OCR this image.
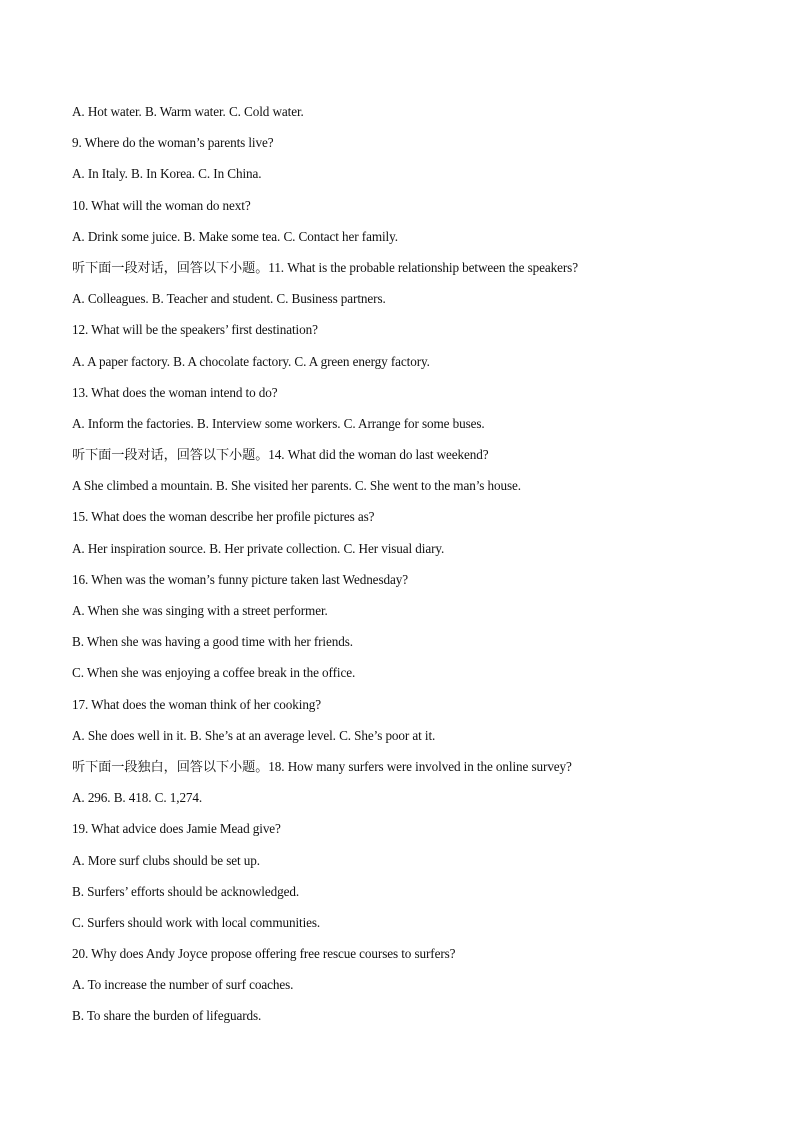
A. Hot water. B. Warm water. C. Cold water.
9. Where do the woman’s parents live?
A. In Italy. B. In Korea. C. In China.
10. What will the woman do next?
A. Drink some juice. B. Make some tea. C. Contact her family.
听下面一段对话，回答以下小题。11. What is the probable relationship between the speakers?
A. Colleagues. B. Teacher and student. C. Business partners.
12. What will be the speakers’ first destination?
A. A paper factory. B. A chocolate factory. C. A green energy factory.
13. What does the woman intend to do?
A. Inform the factories. B. Interview some workers. C. Arrange for some buses.
听下面一段对话，回答以下小题。14. What did the woman do last weekend?
A She climbed a mountain. B. She visited her parents. C. She went to the man’s house.
15. What does the woman describe her profile pictures as?
A. Her inspiration source. B. Her private collection. C. Her visual diary.
16. When was the woman’s funny picture taken last Wednesday?
A. When she was singing with a street performer.
B. When she was having a good time with her friends.
C. When she was enjoying a coffee break in the office.
17. What does the woman think of her cooking?
A. She does well in it. B. She’s at an average level. C. She’s poor at it.
听下面一段独白，回答以下小题。18. How many surfers were involved in the online survey?
A. 296. B. 418. C. 1,274.
19. What advice does Jamie Mead give?
A. More surf clubs should be set up.
B. Surfers’ efforts should be acknowledged.
C. Surfers should work with local communities.
20. Why does Andy Joyce propose offering free rescue courses to surfers?
A. To increase the number of surf coaches.
B. To share the burden of lifeguards.
